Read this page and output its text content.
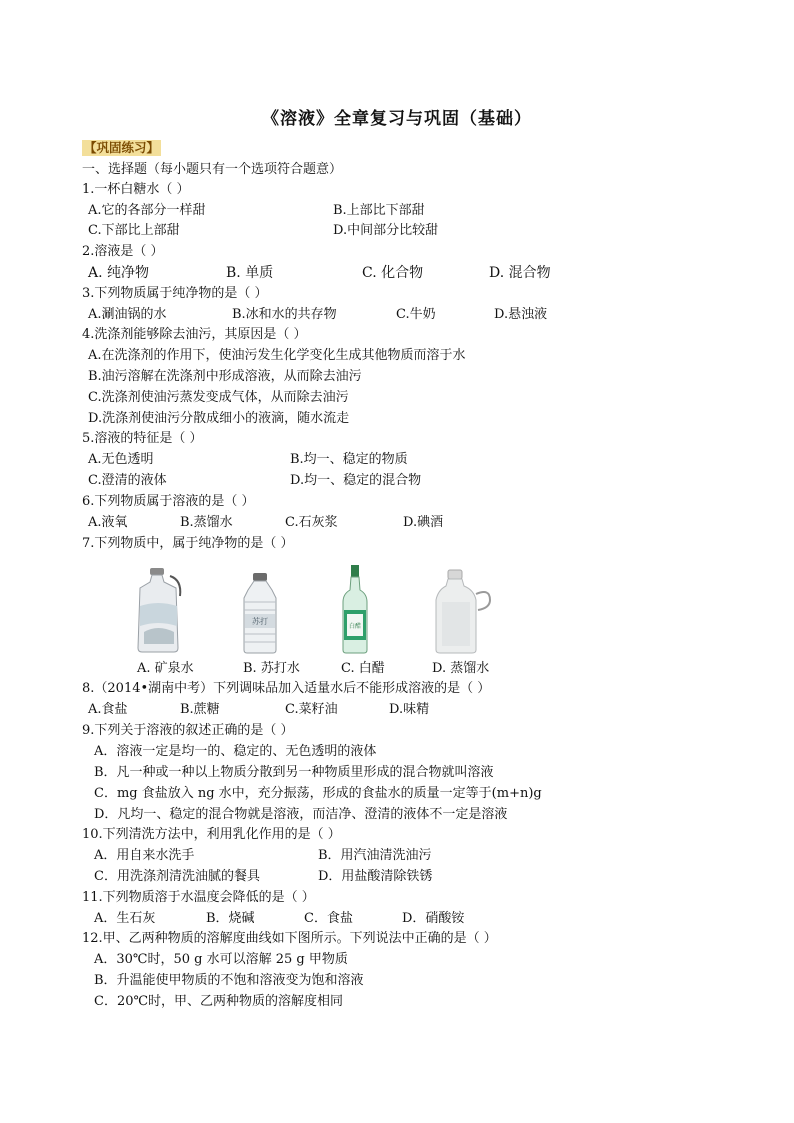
《溶液》全章复习与巩固（基础）
【巩固练习】
一、选择题（每小题只有一个选项符合题意）
1.一杯白糖水（ ）
A.它的各部分一样甜	B.上部比下部甜
C.下部比上部甜	D.中间部分比较甜
2.溶液是（ ）
A. 纯净物	B. 单质	C. 化合物	D. 混合物
3.下列物质属于纯净物的是（ ）
A.涮油锅的水	B.冰和水的共存物	C.牛奶	D.悬浊液
4.洗涤剂能够除去油污，其原因是（ ）
A.在洗涤剂的作用下，使油污发生化学变化生成其他物质而溶于水
B.油污溶解在洗涤剂中形成溶液，从而除去油污
C.洗涤剂使油污蒸发变成气体，从而除去油污
D.洗涤剂使油污分散成细小的液滴，随水流走
5.溶液的特征是（ ）
A.无色透明	B.均一、稳定的物质
C.澄清的液体	D.均一、稳定的混合物
6.下列物质属于溶液的是（ ）
A.液氧	B.蒸馏水	C.石灰浆	D.碘酒
7.下列物质中，属于纯净物的是（ ）
苏打
白醋
A. 矿泉水	B. 苏打水	C. 白醋	D. 蒸馏水
8.（2014•湖南中考）下列调味品加入适量水后不能形成溶液的是（ ）
A.食盐	B.蔗糖	C.菜籽油	D.味精
9.下列关于溶液的叙述正确的是（ ）
A．溶液一定是均一的、稳定的、无色透明的液体
B．凡一种或一种以上物质分散到另一种物质里形成的混合物就叫溶液
C．mg 食盐放入 ng 水中，充分振荡，形成的食盐水的质量一定等于(m+n)g
D．凡均一、稳定的混合物就是溶液，而洁净、澄清的液体不一定是溶液
10.下列清洗方法中，利用乳化作用的是（ ）
A．用自来水洗手	B．用汽油清洗油污
C．用洗涤剂清洗油腻的餐具	D．用盐酸清除铁锈
11.下列物质溶于水温度会降低的是（ ）
A．生石灰	B．烧碱	C．食盐	D．硝酸铵
12.甲、乙两种物质的溶解度曲线如下图所示。下列说法中正确的是（ ）
A．30℃时，50 g 水可以溶解 25 g 甲物质
B．升温能使甲物质的不饱和溶液变为饱和溶液
C．20℃时，甲、乙两种物质的溶解度相同
